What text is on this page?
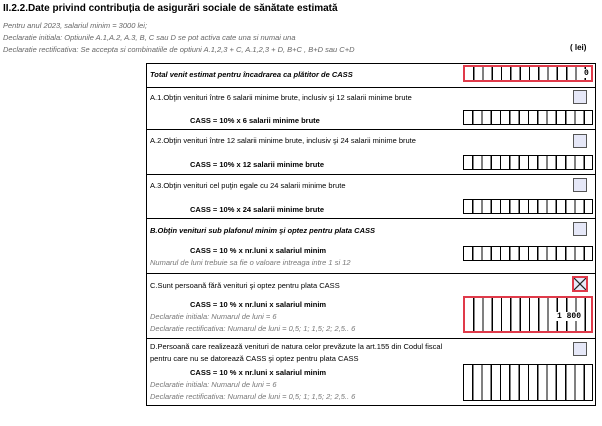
II.2.2.Date privind contribuția de asigurări sociale de sănătate estimată
Pentru anul 2023, salariul minim = 3000 lei;
Declaratie initiala: Optiunile A.1,A.2, A.3, B, C sau D se pot activa cate una si numai una
Declaratie rectificativa: Se accepta si combinatiile de optiuni A.1,2,3 + C, A.1,2,3 + D, B+C , B+D sau C+D	( lei)
Total venit estimat pentru încadrarea ca plătitor de CASS	0
A.1.Obţin venituri între 6 salarii minime brute, inclusiv şi 12 salarii minime brute
CASS = 10% x 6 salarii minime brute
A.2.Obţin venituri între 12 salarii minime brute, inclusiv şi 24 salarii minime brute
CASS = 10% x 12 salarii minime brute
A.3.Obţin venituri cel puţin egale cu 24 salarii minime brute
CASS = 10% x 24 salarii minime brute
B.Obţin venituri sub plafonul minim şi optez pentru plata CASS
CASS = 10 % x nr.luni x salariul minim
Numarul de luni trebuie sa fie o valoare intreaga intre 1 si 12
C.Sunt persoană fără venituri şi optez pentru plata CASS
CASS = 10 % x nr.luni x salariul minim
Declaratie initiala: Numarul de luni = 6
Declaratie rectificativa: Numarul de luni = 0,5; 1; 1,5; 2; 2,5.. 6
1 800
D.Persoană care realizează venituri de natura celor prevăzute la art.155 din Codul fiscal
pentru care nu se datorează CASS şi optez pentru plata CASS
CASS = 10 % x nr.luni x salariul minim
Declaratie initiala: Numarul de luni = 6
Declaratie rectificativa: Numarul de luni = 0,5; 1; 1,5; 2; 2,5.. 6
